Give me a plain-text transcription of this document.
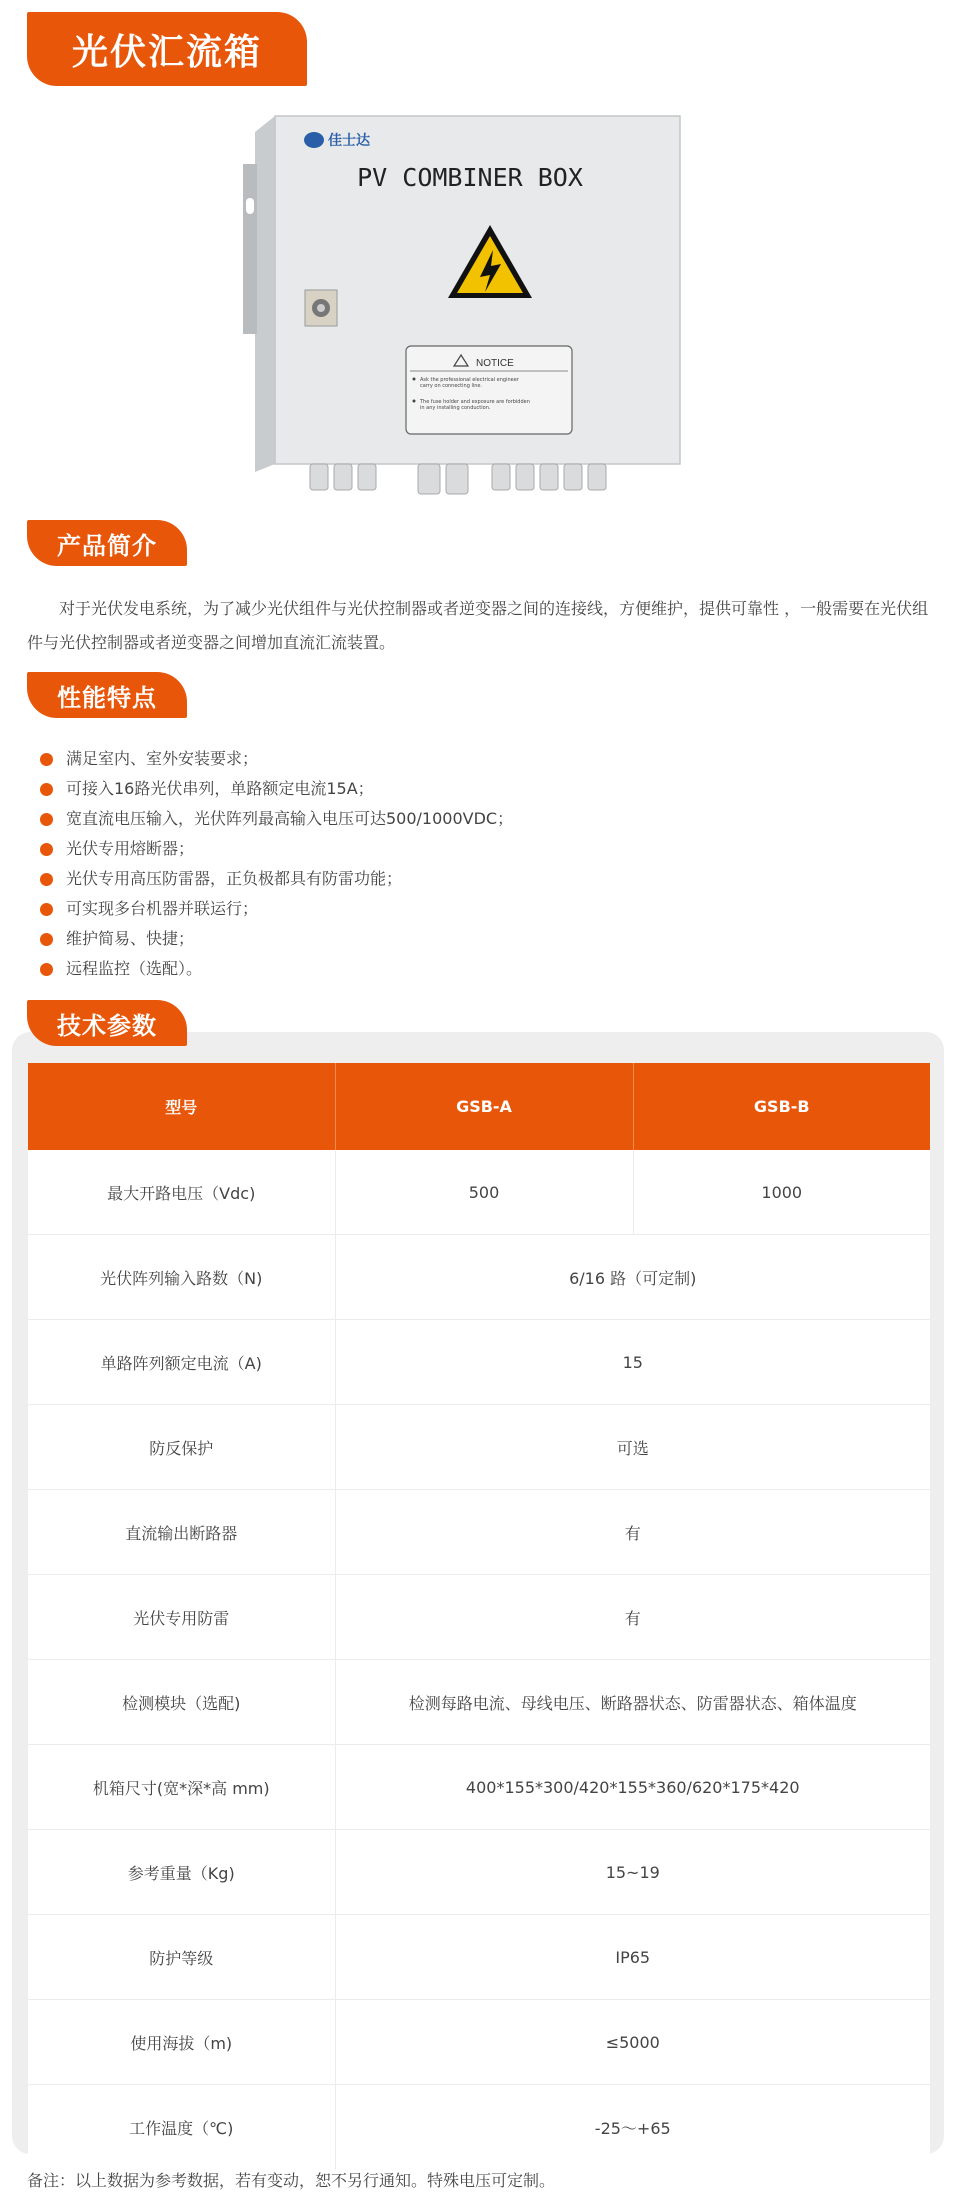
光伏汇流箱
佳士达
PV COMBINER BOX
NOTICE
Ask the professional electrical engineer
carry on connecting line.
The fuse holder and exposure are forbidden
in any installing conduction.
产品简介

对于光伏发电系统，为了减少光伏组件与光伏控制器或者逆变器之间的连接线，方便维护，提供可靠性 ，一般需要在光伏组件与光伏控制器或者逆变器之间增加直流汇流装置。

性能特点
满足室内、室外安装要求；
可接入16路光伏串列，单路额定电流15A；
宽直流电压输入，光伏阵列最高输入电压可达500/1000VDC；
光伏专用熔断器；
光伏专用高压防雷器，正负极都具有防雷功能；
可实现多台机器并联运行；
维护简易、快捷；
远程监控（选配）。
技术参数
型号	GSB-A	GSB-B
最大开路电压（Vdc)	500	1000
光伏阵列输入路数（N)	6/16 路（可定制)	
单路阵列额定电流（A)	15	
防反保护	可选	
直流输出断路器	有	
光伏专用防雷	有	
检测模块（选配)	检测每路电流、母线电压、断路器状态、防雷器状态、箱体温度	
机箱尺寸(宽*深*高 mm)	400*155*300/420*155*360/620*175*420	
参考重量（Kg)	15~19	
防护等级	IP65	
使用海拔（m)	≤5000	
工作温度（℃)	-25～+65	
备注：以上数据为参考数据，若有变动，恕不另行通知。特殊电压可定制。
